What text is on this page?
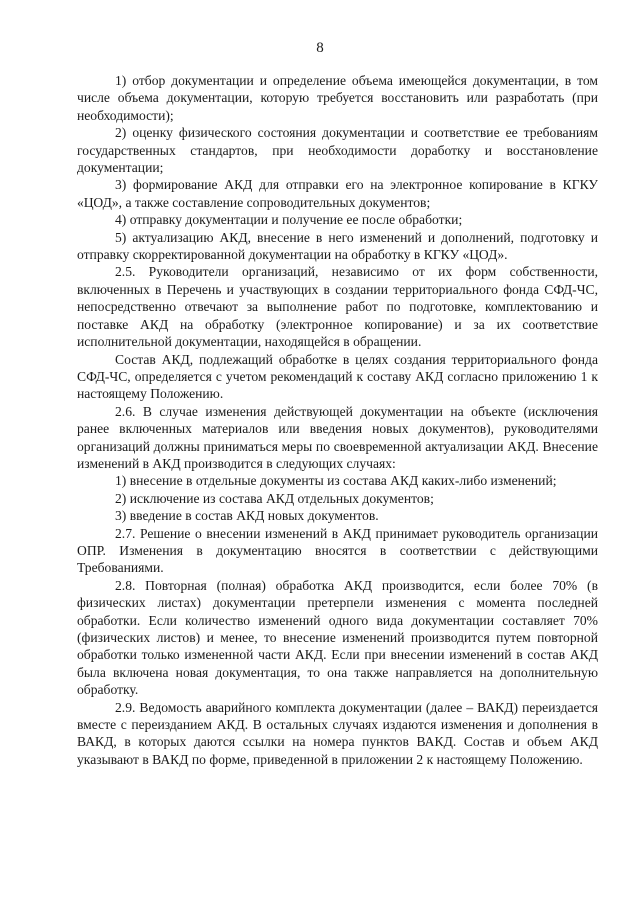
8

1) отбор документации и определение объема имеющейся документации, в том числе объема документации, которую требуется восстановить или разработать (при необходимости);

2) оценку физического состояния документации и соответствие ее требованиям государственных стандартов, при необходимости доработку и восстановление документации;

3) формирование АКД для отправки его на электронное копирование в КГКУ «ЦОД», а также составление сопроводительных документов;

4) отправку документации и получение ее после обработки;

5) актуализацию АКД, внесение в него изменений и дополнений, подготовку и отправку скорректированной документации на обработку в КГКУ «ЦОД».

2.5. Руководители организаций, независимо от их форм собственности, включенных в Перечень и участвующих в создании территориального фонда СФД-ЧС, непосредственно отвечают за выполнение работ по подготовке, комплектованию и поставке АКД на обработку (электронное копирование) и за их соответствие исполнительной документации, находящейся в обращении.

Состав АКД, подлежащий обработке в целях создания территориального фонда СФД-ЧС, определяется с учетом рекомендаций к составу АКД согласно приложению 1 к настоящему Положению.

2.6. В случае изменения действующей документации на объекте (исключения ранее включенных материалов или введения новых документов), руководителями организаций должны приниматься меры по своевременной актуализации АКД. Внесение изменений в АКД производится в следующих случаях:

1) внесение в отдельные документы из состава АКД каких-либо изменений;

2) исключение из состава АКД отдельных документов;

3) введение в состав АКД новых документов.

2.7. Решение о внесении изменений в АКД принимает руководитель организации ОПР. Изменения в документацию вносятся в соответствии с действующими Требованиями.

2.8. Повторная (полная) обработка АКД производится, если более 70% (в физических листах) документации претерпели изменения с момента последней обработки. Если количество изменений одного вида документации составляет 70% (физических листов) и менее, то внесение изменений производится путем повторной обработки только измененной части АКД. Если при внесении изменений в состав АКД была включена новая документация, то она также направляется на дополнительную обработку.

2.9. Ведомость аварийного комплекта документации (далее – ВАКД) переиздается вместе с переизданием АКД. В остальных случаях издаются изменения и дополнения в ВАКД, в которых даются ссылки на номера пунктов ВАКД. Состав и объем АКД указывают в ВАКД по форме, приведенной в приложении 2 к настоящему Положению.
